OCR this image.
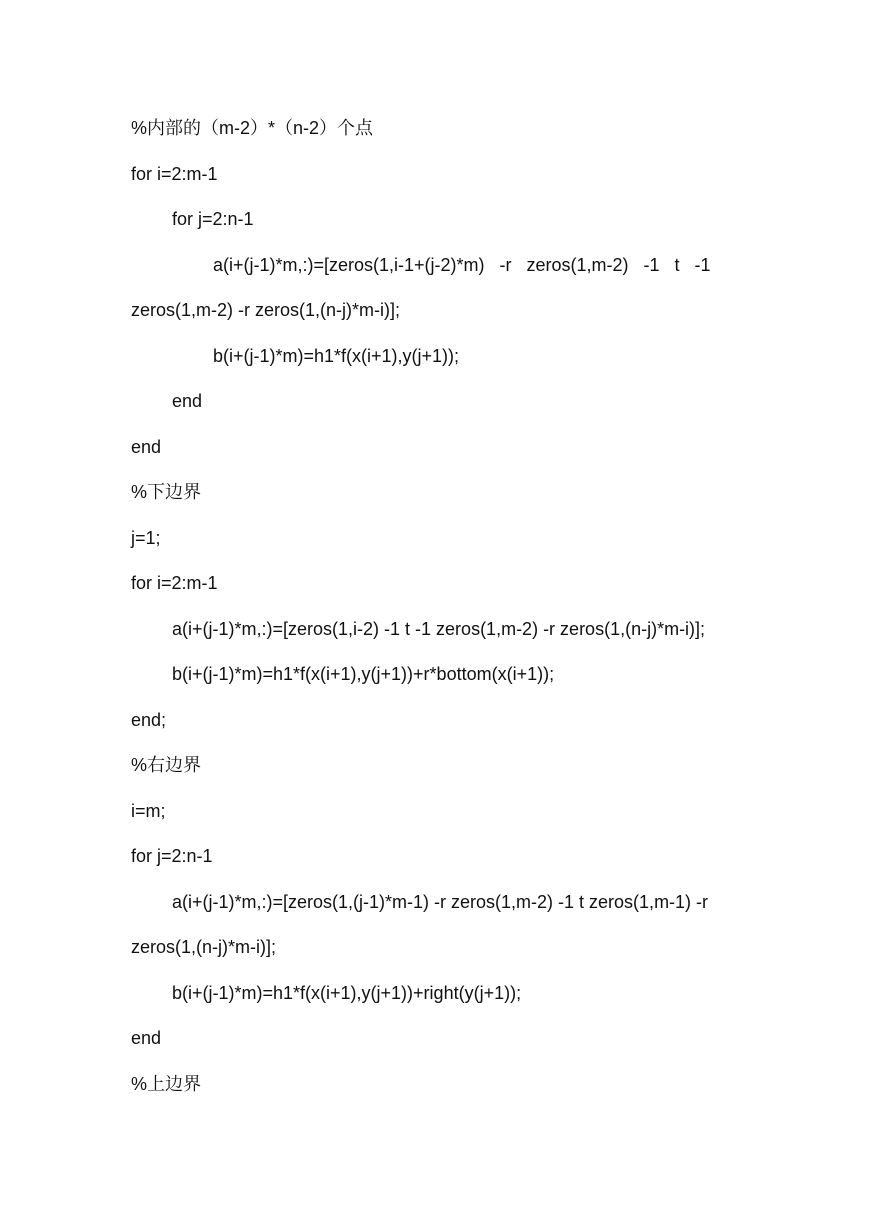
%内部的（m-2）*（n-2）个点
for i=2:m-1
for j=2:n-1
a(i+(j-1)*m,:)=[zeros(1,i-1+(j-2)*m)   -r   zeros(1,m-2)   -1   t   -1
zeros(1,m-2) -r zeros(1,(n-j)*m-i)];
b(i+(j-1)*m)=h1*f(x(i+1),y(j+1));
end
end
%下边界
j=1;
for i=2:m-1
a(i+(j-1)*m,:)=[zeros(1,i-2) -1 t -1 zeros(1,m-2) -r zeros(1,(n-j)*m-i)];
b(i+(j-1)*m)=h1*f(x(i+1),y(j+1))+r*bottom(x(i+1));
end;
%右边界
i=m;
for j=2:n-1
a(i+(j-1)*m,:)=[zeros(1,(j-1)*m-1) -r zeros(1,m-2) -1 t zeros(1,m-1) -r
zeros(1,(n-j)*m-i)];
b(i+(j-1)*m)=h1*f(x(i+1),y(j+1))+right(y(j+1));
end
%上边界
